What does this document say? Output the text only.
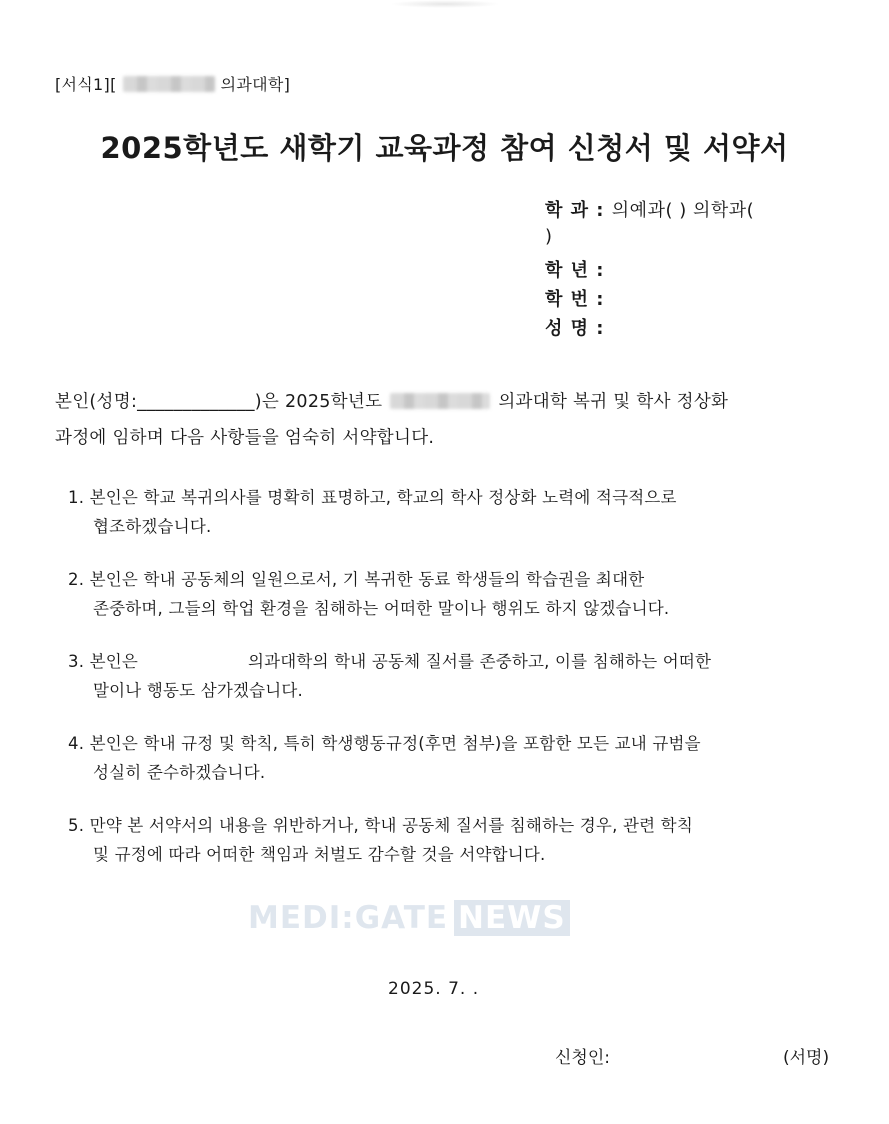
[서식1][	의과대학]
2025학년도 새학기 교육과정 참여 신청서 및 서약서
학 과 : 의예과( ) 의학과(
)
학 년 :
학 번 :
성 명 :
본인(성명:_____________)은 2025학년도	의과대학 복귀 및 학사 정상화
과정에 임하며 다음 사항들을 엄숙히 서약합니다.
1. 본인은 학교 복귀의사를 명확히 표명하고, 학교의 학사 정상화 노력에 적극적으로
협조하겠습니다.
2. 본인은 학내 공동체의 일원으로서, 기 복귀한 동료 학생들의 학습권을 최대한
존중하며, 그들의 학업 환경을 침해하는 어떠한 말이나 행위도 하지 않겠습니다.
3. 본인은	의과대학의 학내 공동체 질서를 존중하고, 이를 침해하는 어떠한
말이나 행동도 삼가겠습니다.
4. 본인은 학내 규정 및 학칙, 특히 학생행동규정(후면 첨부)을 포함한 모든 교내 규범을
성실히 준수하겠습니다.
5. 만약 본 서약서의 내용을 위반하거나, 학내 공동체 질서를 침해하는 경우, 관련 학칙
및 규정에 따라 어떠한 책임과 처벌도 감수할 것을 서약합니다.
MEDI:GATE NEWS
2025. 7. .
신청인:	(서명)
